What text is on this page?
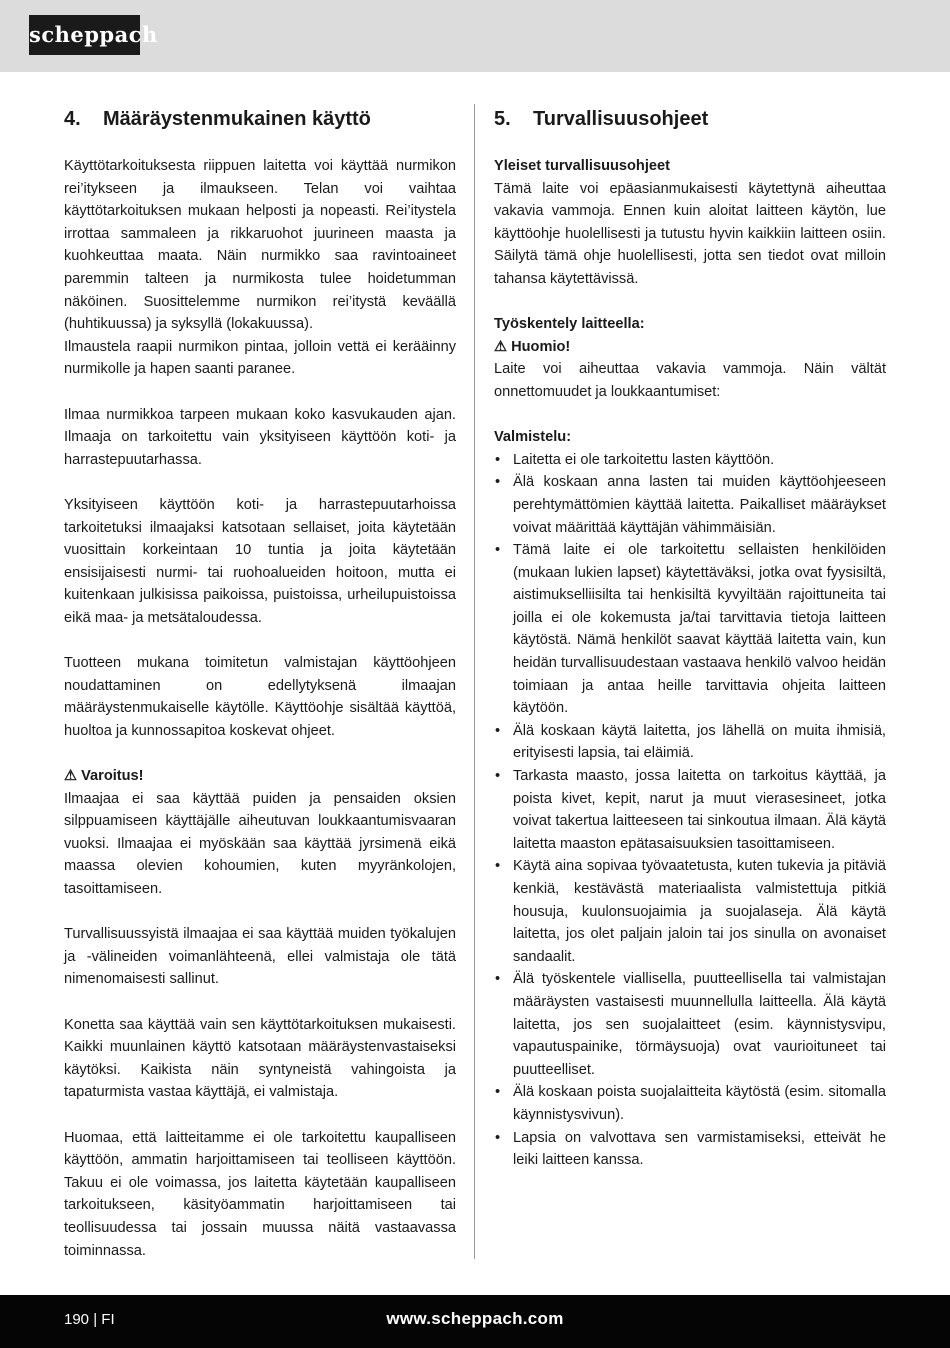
scheppach
4. Määräystenmukainen käyttö

Käyttötarkoituksesta riippuen laitetta voi käyttää nurmikon rei’itykseen ja ilmaukseen. Telan voi vaihtaa käyttötarkoituksen mukaan helposti ja nopeasti. Rei’itystela irrottaa sammaleen ja rikkaruohot juurineen maasta ja kuohkeuttaa maata. Näin nurmikko saa ravintoaineet paremmin talteen ja nurmikosta tulee hoidetumman näköinen. Suosittelemme nurmikon rei’itystä keväällä (huhtikuussa) ja syksyllä (lokakuussa).

Ilmaustela raapii nurmikon pintaa, jolloin vettä ei kerääinny nurmikolle ja hapen saanti paranee.

Ilmaa nurmikkoa tarpeen mukaan koko kasvukauden ajan. Ilmaaja on tarkoitettu vain yksityiseen käyttöön koti- ja harrastepuutarhassa.

Yksityiseen käyttöön koti- ja harrastepuutarhoissa tarkoitetuksi ilmaajaksi katsotaan sellaiset, joita käytetään vuosittain korkeintaan 10 tuntia ja joita käytetään ensisijaisesti nurmi- tai ruohoalueiden hoitoon, mutta ei kuitenkaan julkisissa paikoissa, puistoissa, urheilupuistoissa eikä maa- ja metsätaloudessa.

Tuotteen mukana toimitetun valmistajan käyttöohjeen noudattaminen on edellytyksenä ilmaajan määräystenmukaiselle käytölle. Käyttöohje sisältää käyttöä, huoltoa ja kunnossapitoa koskevat ohjeet.

⚠ Varoitus!

Ilmaajaa ei saa käyttää puiden ja pensaiden oksien silppuamiseen käyttäjälle aiheutuvan loukkaantumisvaaran vuoksi. Ilmaajaa ei myöskään saa käyttää jyrsimenä eikä maassa olevien kohoumien, kuten myyränkolojen, tasoittamiseen.

Turvallisuussyistä ilmaajaa ei saa käyttää muiden työkalujen ja -välineiden voimanlähteenä, ellei valmistaja ole tätä nimenomaisesti sallinut.

Konetta saa käyttää vain sen käyttötarkoituksen mukaisesti. Kaikki muunlainen käyttö katsotaan määräystenvastaiseksi käytöksi. Kaikista näin syntyneistä vahingoista ja tapaturmista vastaa käyttäjä, ei valmistaja.

Huomaa, että laitteitamme ei ole tarkoitettu kaupalliseen käyttöön, ammatin harjoittamiseen tai teolliseen käyttöön. Takuu ei ole voimassa, jos laitetta käytetään kaupalliseen tarkoitukseen, käsityöammatin harjoittamiseen tai teollisuudessa tai jossain muussa näitä vastaavassa toiminnassa.

5. Turvallisuusohjeet

Yleiset turvallisuusohjeet

Tämä laite voi epäasianmukaisesti käytettynä aiheuttaa vakavia vammoja. Ennen kuin aloitat laitteen käytön, lue käyttöohje huolellisesti ja tutustu hyvin kaikkiin laitteen osiin. Säilytä tämä ohje huolellisesti, jotta sen tiedot ovat milloin tahansa käytettävissä.

Työskentely laitteella:

⚠ Huomio!

Laite voi aiheuttaa vakavia vammoja. Näin vältät onnettomuudet ja loukkaantumiset:

Valmistelu:

• Laitetta ei ole tarkoitettu lasten käyttöön.
• Älä koskaan anna lasten tai muiden käyttöohjeeseen perehtymättömien käyttää laitetta. Paikalliset määräykset voivat määrittää käyttäjän vähimmäisiän.
• Tämä laite ei ole tarkoitettu sellaisten henkilöiden (mukaan lukien lapset) käytettäväksi, jotka ovat fyysisiltä, aistimukselliisilta tai henkisiltä kyvyiltään rajoittuneita tai joilla ei ole kokemusta ja/tai tarvittavia tietoja laitteen käytöstä. Nämä henkilöt saavat käyttää laitetta vain, kun heidän turvallisuudestaan vastaava henkilö valvoo heidän toimiaan ja antaa heille tarvittavia ohjeita laitteen käytöön.
• Älä koskaan käytä laitetta, jos lähellä on muita ihmisiä, erityisesti lapsia, tai eläimiä.
• Tarkasta maasto, jossa laitetta on tarkoitus käyttää, ja poista kivet, kepit, narut ja muut vierasesineet, jotka voivat takertua laitteeseen tai sinkoutua ilmaan. Älä käytä laitetta maaston epätasaisuuksien tasoittamiseen.
• Käytä aina sopivaa työvaatetusta, kuten tukevia ja pitäviä kenkiä, kestävästä materiaalista valmistettuja pitkiä housuja, kuulonsuojaimia ja suojalaseja. Älä käytä laitetta, jos olet paljain jaloin tai jos sinulla on avonaiset sandaalit.
• Älä työskentele viallisella, puutteellisella tai valmistajan määräysten vastaisesti muunnellulla laitteella. Älä käytä laitetta, jos sen suojalaitteet (esim. käynnistysvipu, vapautuspainike, törmäysuoja) ovat vaurioituneet tai puutteelliset.
• Älä koskaan poista suojalaitteita käytöstä (esim. sitomalla käynnistysvivun).
• Lapsia on valvottava sen varmistamiseksi, etteivät he leiki laitteen kanssa.
190 | FI	www.scheppach.com
